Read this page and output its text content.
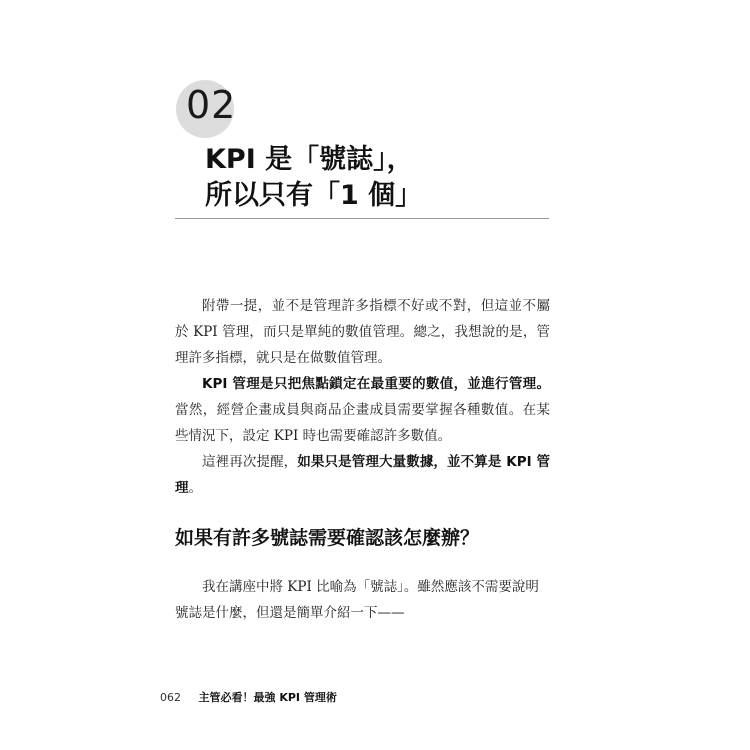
02
KPI 是「號誌」，
所以只有「1 個」

附帶一提，並不是管理許多指標不好或不對，但這並不屬於 KPI 管理，而只是單純的數值管理。總之，我想說的是，管理許多指標，就只是在做數值管理。

KPI 管理是只把焦點鎖定在最重要的數值，並進行管理。當然，經營企畫成員與商品企畫成員需要掌握各種數值。在某些情況下，設定 KPI 時也需要確認許多數值。

這裡再次提醒，如果只是管理大量數據，並不算是 KPI 管理。

如果有許多號誌需要確認該怎麼辦？

我在講座中將 KPI 比喻為「號誌」。雖然應該不需要說明號誌是什麼，但還是簡單介紹一下——

062 主管必看！最強 KPI 管理術
